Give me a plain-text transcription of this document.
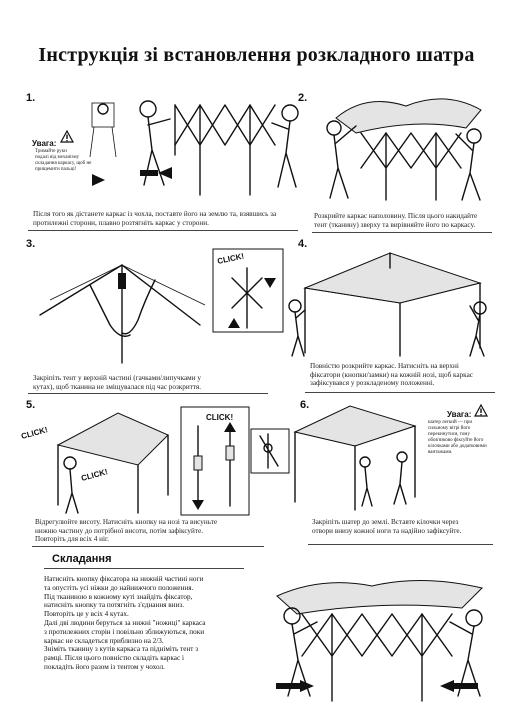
Інструкція зі встановлення розкладного шатра
1.
Увага:
Тримайте руки
подалі від механізму
складання каркасу, щоб не
прищемити пальці!
Після того як дістанете каркас із чохла, поставте його на землю та, взявшись за
протилежні сторони, плавно розтягніть каркас у сторони.
2.
Розкрийте каркас наполовину. Після цього накидайте
тент (тканину) зверху та вирівняйте його по каркасу.
3.
CLICK!
Закріпіть тент у верхній частині (гачками/липучками у
кутах), щоб тканина не зміщувалася під час розкриття.
4.
Повністю розкрийте каркас. Натисніть на верхні
фіксатори (кнопки/замки) на кожній нозі, щоб каркас
зафіксувався у розкладеному положенні.
5.
CLICK!
CLICK!
CLICK!
Відрегулюйте висоту. Натисніть кнопку на нозі та висуньте
нижню частину до потрібної висоти, потім зафіксуйте.
Повторіть для всіх 4 ніг.
6.
Увага:
шатер легкий — при
сильному вітрі його
перекинутися, тому
обов'язково фіксуйте його
кілочками або додатковими
вантажами.
Закріпіть шатер до землі. Вставте кілочки через
отвори внизу кожної ноги та надійно зафіксуйте.
Складання
Натисніть кнопку фіксатора на нижній частині ноги
та опустіть усі ніжки до найнижчого положення.
Під тканиною в кожному куті знайдіть фіксатор,
натисніть кнопку та потягніть з'єднання вниз.
Повторіть це у всіх 4 кутах.
Далі дві людини беруться за нижні "ножиці" каркаса
з протилежних сторін і повільно зближуються, поки
каркас не складеться приблизно на 2/3.
Зніміть тканину з кутів каркаса та підніміть тент з
рамці. Після цього повністю складіть каркас і
покладіть його разом із тентом у чохол.
